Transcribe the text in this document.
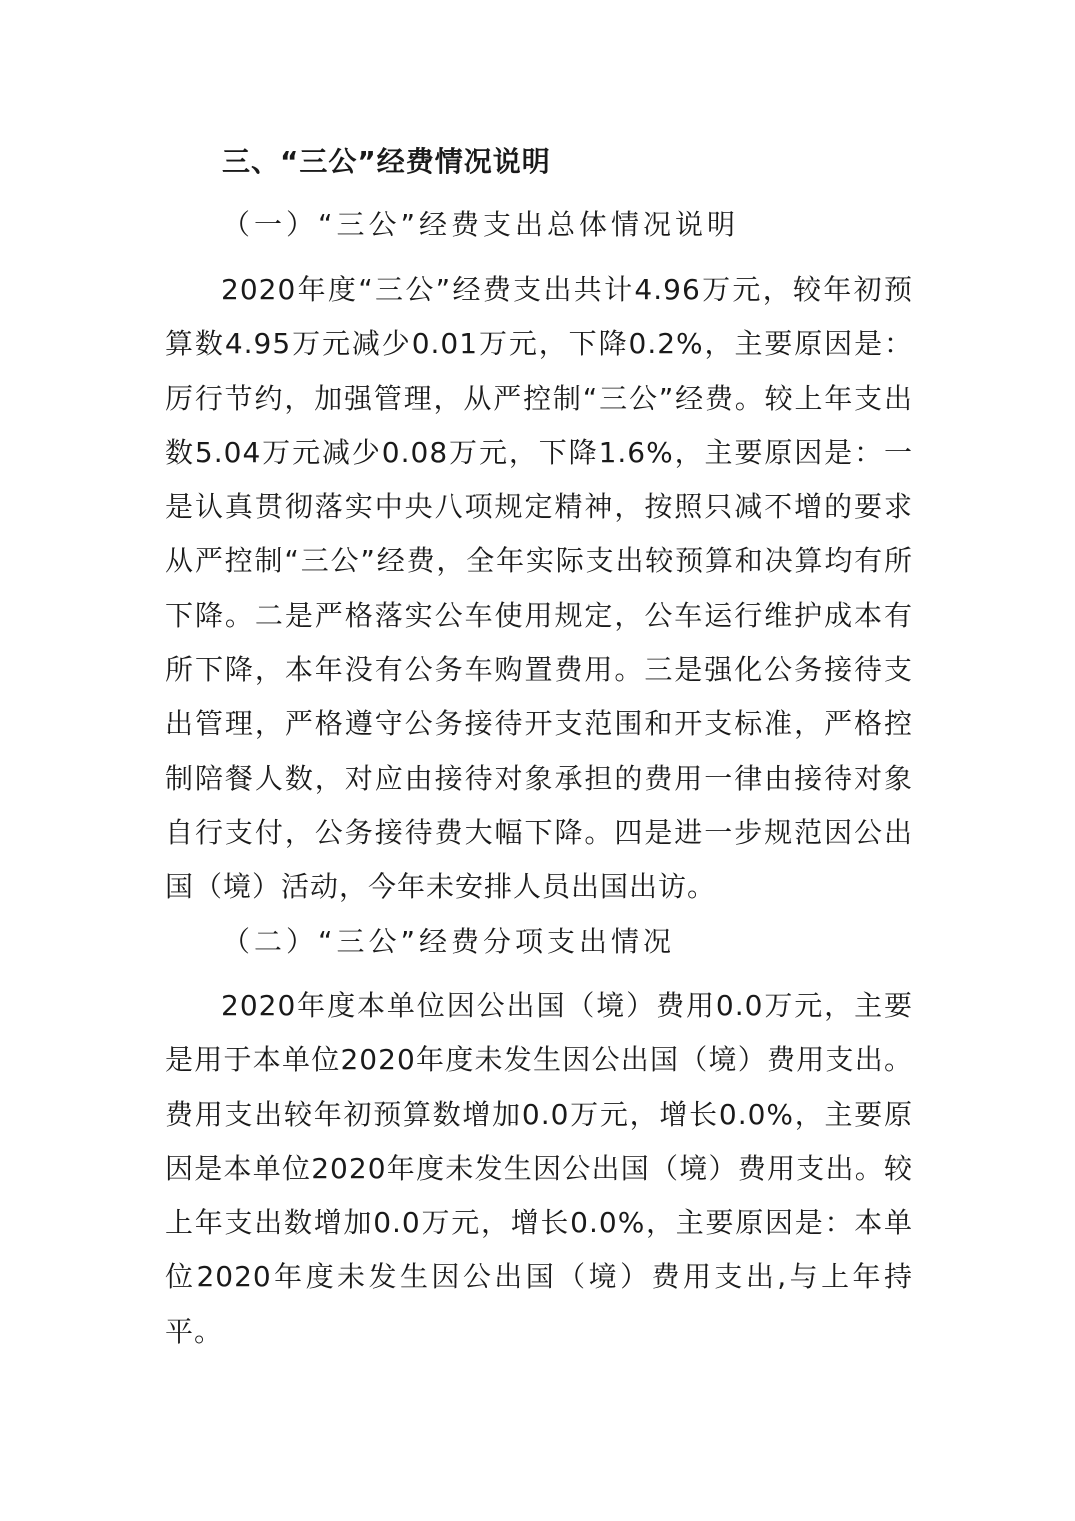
三、“三公”经费情况说明
（一）“三公”经费支出总体情况说明

2020年度“三公”经费支出共计4.96万元，较年初预算数4.95万元减少0.01万元，下降0.2%，主要原因是：厉行节约，加强管理，从严控制“三公”经费。较上年支出数5.04万元减少0.08万元，下降1.6%，主要原因是：一是认真贯彻落实中央八项规定精神，按照只减不增的要求从严控制“三公”经费，全年实际支出较预算和决算均有所下降。二是严格落实公车使用规定，公车运行维护成本有所下降，本年没有公务车购置费用。三是强化公务接待支出管理，严格遵守公务接待开支范围和开支标准，严格控制陪餐人数，对应由接待对象承担的费用一律由接待对象自行支付，公务接待费大幅下降。四是进一步规范因公出国（境）活动，今年未安排人员出国出访。

（二）“三公”经费分项支出情况

2020年度本单位因公出国（境）费用0.0万元，主要是用于本单位2020年度未发生因公出国（境）费用支出。费用支出较年初预算数增加0.0万元，增长0.0%，主要原因是本单位2020年度未发生因公出国（境）费用支出。较上年支出数增加0.0万元，增长0.0%，主要原因是：本单位2020年度未发生因公出国（境）费用支出,与上年持平。
